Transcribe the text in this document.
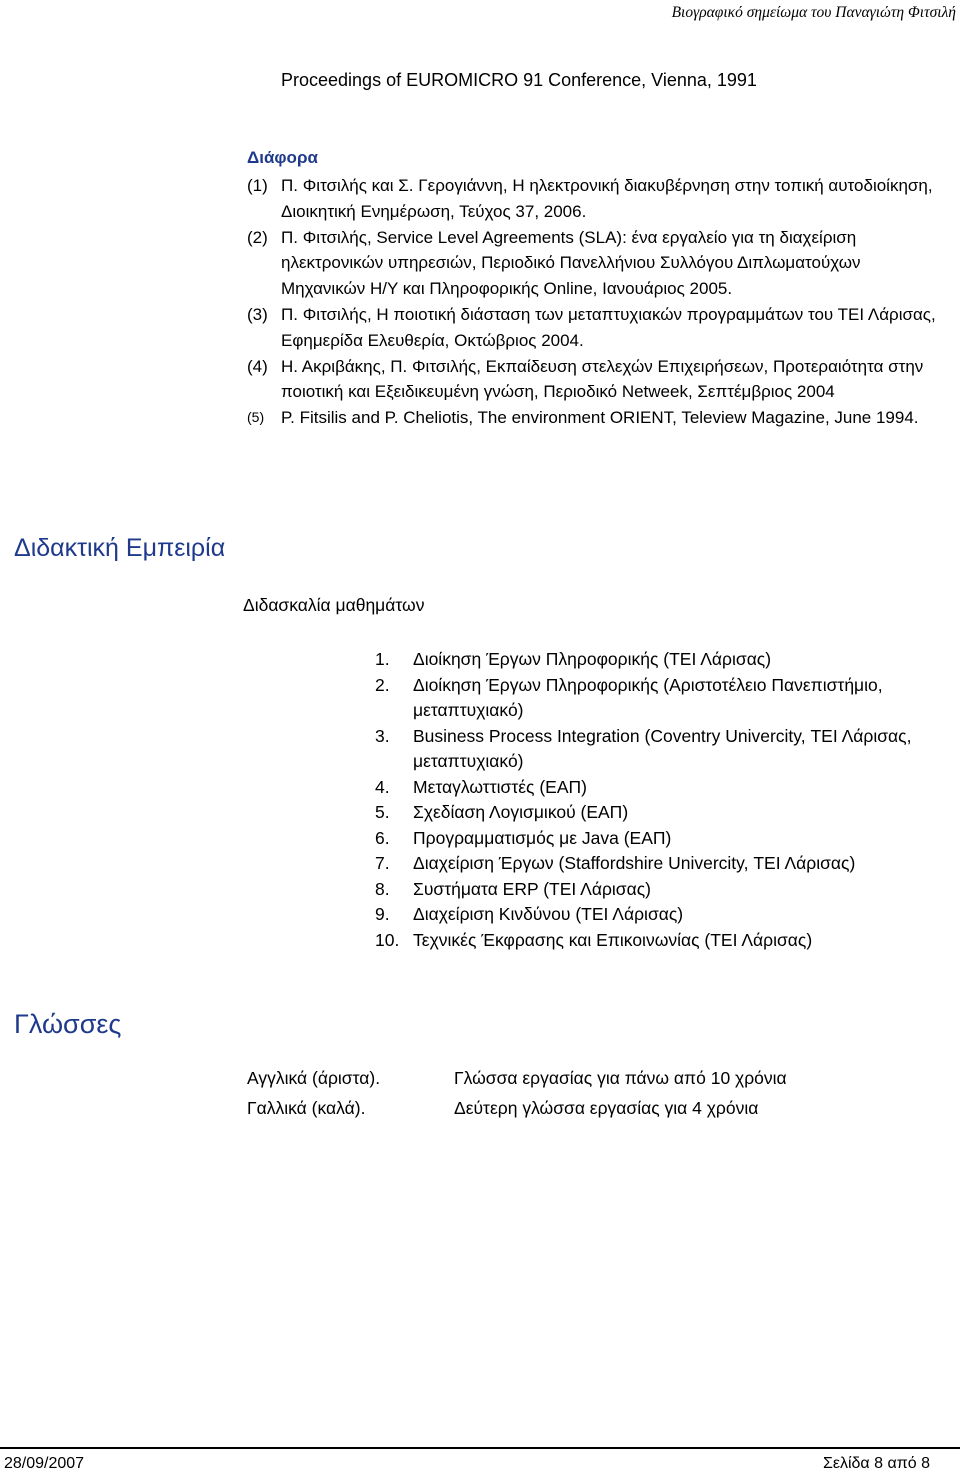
Βιογραφικό σημείωμα του Παναγιώτη Φιτσιλή
Proceedings of EUROMICRO 91 Conference, Vienna, 1991
Διάφορα
(1) Π. Φιτσιλής και Σ. Γερογιάννη, Η ηλεκτρονική διακυβέρνηση στην τοπική αυτοδιοίκηση, Διοικητική Ενημέρωση, Τεύχος 37, 2006.
(2) Π. Φιτσιλής, Service Level Agreements (SLA): ένα εργαλείο για τη διαχείριση ηλεκτρονικών υπηρεσιών, Περιοδικό Πανελλήνιου Συλλόγου Διπλωματούχων Μηχανικών Η/Υ και Πληροφορικής Online, Ιανουάριος 2005.
(3) Π. Φιτσιλής, Η ποιοτική διάσταση των μεταπτυχιακών προγραμμάτων του ΤΕΙ Λάρισας, Εφημερίδα Ελευθερία, Οκτώβριος 2004.
(4) Η. Ακριβάκης, Π. Φιτσιλής, Εκπαίδευση στελεχών Επιχειρήσεων, Προτεραιότητα στην ποιοτική και Εξειδικευμένη γνώση, Περιοδικό Netweek, Σεπτέμβριος 2004
(5) P. Fitsilis and P. Cheliotis, The environment ORIENT, Teleview Magazine, June 1994.
Διδακτική Εμπειρία
Διδασκαλία μαθημάτων
1. Διοίκηση Έργων Πληροφορικής (ΤΕΙ Λάρισας)
2. Διοίκηση Έργων Πληροφορικής (Αριστοτέλειο Πανεπιστήμιο, μεταπτυχιακό)
3. Business Process Integration (Coventry Univercity, ΤΕΙ Λάρισας, μεταπτυχιακό)
4. Μεταγλωττιστές (ΕΑΠ)
5. Σχεδίαση Λογισμικού (ΕΑΠ)
6. Προγραμματισμός με Java (ΕΑΠ)
7. Διαχείριση Έργων (Staffordshire Univercity, ΤΕΙ Λάρισας)
8. Συστήματα ERP (ΤΕΙ Λάρισας)
9. Διαχείριση Κινδύνου (ΤΕΙ Λάρισας)
10. Τεχνικές Έκφρασης και Επικοινωνίας (ΤΕΙ Λάρισας)
Γλώσσες
Αγγλικά (άριστα).	Γλώσσα εργασίας για πάνω από 10 χρόνια
Γαλλικά (καλά).	Δεύτερη γλώσσα εργασίας για 4 χρόνια
28/09/2007	Σελίδα 8 από 8
